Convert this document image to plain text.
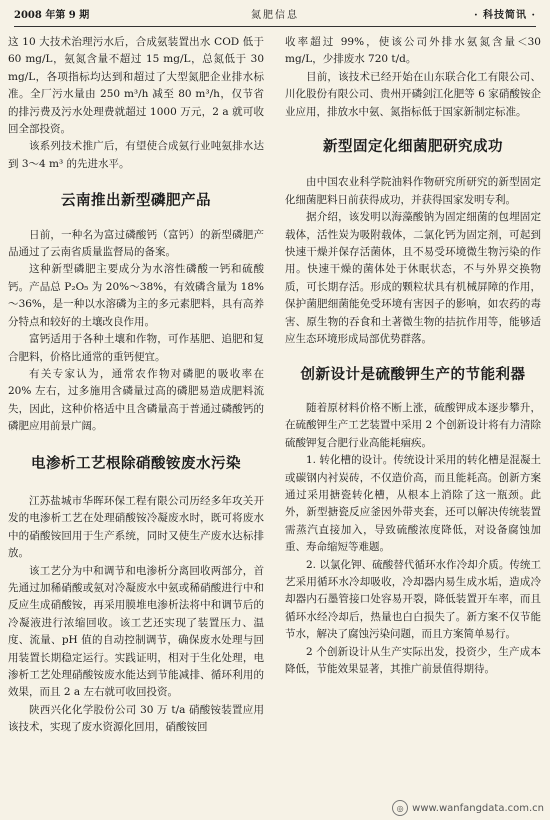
2008 年第 9 期	氮肥信息	· 科技简讯 ·

这 10 大技术治理污水后，合成氨装置出水 COD 低于 60 mg/L，氨氮含量不超过 15 mg/L，总氮低于 30 mg/L，各项指标均达到和超过了大型氮肥企业排水标准。全厂污水量由 250 m³/h 减至 80 m³/h，仅节省的排污费及污水处理费就超过 1000 万元，2 a 就可收回全部投资。

该系列技术推广后，有望使合成氨行业吨氨排水达到 3～4 m³ 的先进水平。

云南推出新型磷肥产品

日前，一种名为富过磷酸钙（富钙）的新型磷肥产品通过了云南省质量监督局的备案。

这种新型磷肥主要成分为水溶性磷酸一钙和硫酸钙。产品总 P₂O₅ 为 20%～38%，有效磷含量为 18%～36%，是一种以水溶磷为主的多元素肥料，具有高养分特点和较好的土壤改良作用。

富钙适用于各种土壤和作物，可作基肥、追肥和复合肥料，价格比通常的重钙便宜。

有关专家认为，通常农作物对磷肥的吸收率在 20% 左右，过多施用含磷量过高的磷肥易造成肥料流失，因此，这种价格适中且含磷量高于普通过磷酸钙的磷肥应用前景广阔。

电渗析工艺根除硝酸铵废水污染

江苏盐城市华晖环保工程有限公司历经多年攻关开发的电渗析工艺在处理硝酸铵冷凝废水时，既可将废水中的硝酸铵回用于生产系统，同时又使生产废水达标排放。

该工艺分为中和调节和电渗析分离回收两部分，首先通过加稀硝酸或氨对冷凝废水中氨或稀硝酸进行中和反应生成硝酸铵，再采用膜堆电渗析法将中和调节后的冷凝液进行浓缩回收。该工艺还实现了装置压力、温度、流量、pH 值的自动控制调节，确保废水处理与回用装置长期稳定运行。实践证明，相对于生化处理，电渗析工艺处理硝酸铵废水能达到节能减排、循环利用的效果，而且 2 a 左右就可收回投资。

陕西兴化化学股份公司 30 万 t/a 硝酸铵装置应用该技术，实现了废水资源化回用，硝酸铵回

收率超过 99%，使该公司外排水氨氮含量＜30 mg/L，少排废水 720 t/d。

目前，该技术已经开始在山东联合化工有限公司、川化股份有限公司、贵州开磷剑江化肥等 6 家硝酸铵企业应用，排放水中氨、氮指标低于国家新制定标准。

新型固定化细菌肥研究成功

由中国农业科学院油料作物研究所研究的新型固定化细菌肥料日前获得成功，并获得国家发明专利。

据介绍，该发明以海藻酸钠为固定细菌的包埋固定载体，活性炭为吸附载体，二氯化钙为固定剂，可起到快速干燥并保存活菌体，且不易受环境微生物污染的作用。快速干燥的菌体处于休眠状态，不与外界交换物质，可长期存活。形成的颗粒状具有机械屏障的作用，保护菌肥细菌能免受环境有害因子的影响，如农药的毒害、原生物的吞食和土著微生物的拮抗作用等，能够适应生态环境形成局部优势群落。

创新设计是硫酸钾生产的节能利器

随着原材料价格不断上涨，硫酸钾成本逐步攀升，在硫酸钾生产工艺装置中采用 2 个创新设计将有力清除硫酸钾复合肥行业高能耗痼疾。

1. 转化槽的设计。传统设计采用的转化槽是混凝土或碳钢内衬炭砖，不仅造价高，而且能耗高。创新方案通过采用搪瓷转化槽，从根本上消除了这一瓶颈。此外，新型搪瓷反应釜因外带夹套，还可以解决传统装置需蒸汽直接加入，导致硫酸浓度降低，对设备腐蚀加重、寿命缩短等难题。

2. 以氯化钾、硫酸替代循环水作冷却介质。传统工艺采用循环水冷却吸收，冷却器内易生成水垢，造成冷却器内石墨管接口处容易开裂，降低装置开车率，而且循环水经冷却后，热量也白白损失了。新方案不仅节能节水，解决了腐蚀污染问题，而且方案简单易行。

2 个创新设计从生产实际出发，投资少，生产成本降低，节能效果显著，其推广前景值得期待。

◎ www.wanfangdata.com.cn
